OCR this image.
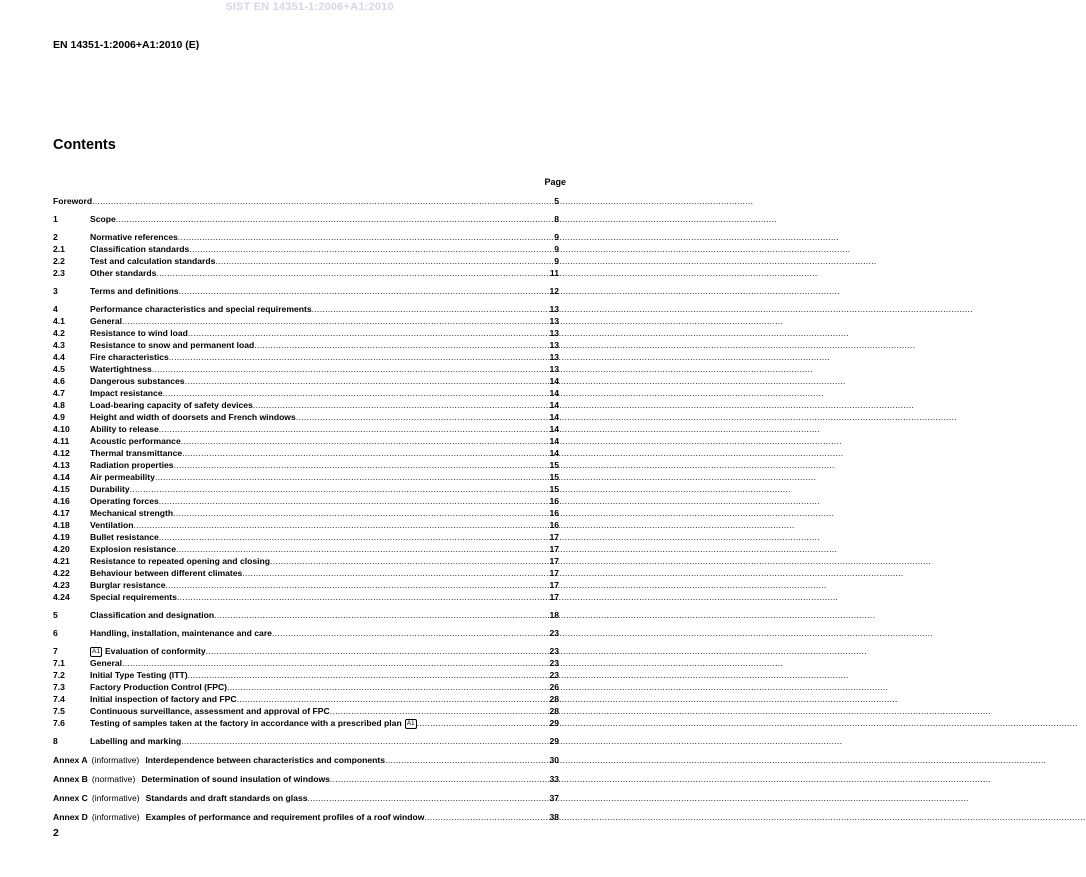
SIST EN 14351-1:2006+A1:2010
EN 14351-1:2006+A1:2010 (E)
Contents
Page
Foreword .....	5
1	Scope .....	8
2	Normative references .....	9
2.1	Classification standards .....	9
2.2	Test and calculation standards .....	9
2.3	Other standards .....	11
3	Terms and definitions .....	12
4	Performance characteristics and special requirements .....	13
4.1	General .....	13
4.2	Resistance to wind load .....	13
4.3	Resistance to snow and permanent load .....	13
4.4	Fire characteristics .....	13
4.5	Watertightness .....	13
4.6	Dangerous substances .....	14
4.7	Impact resistance .....	14
4.8	Load-bearing capacity of safety devices .....	14
4.9	Height and width of doorsets and French windows .....	14
4.10	Ability to release .....	14
4.11	Acoustic performance .....	14
4.12	Thermal transmittance .....	14
4.13	Radiation properties .....	15
4.14	Air permeability .....	15
4.15	Durability .....	15
4.16	Operating forces .....	16
4.17	Mechanical strength .....	16
4.18	Ventilation .....	16
4.19	Bullet resistance .....	17
4.20	Explosion resistance .....	17
4.21	Resistance to repeated opening and closing .....	17
4.22	Behaviour between different climates .....	17
4.23	Burglar resistance .....	17
4.24	Special requirements .....	17
5	Classification and designation .....	18
6	Handling, installation, maintenance and care .....	23
7	A1 Evaluation of conformity .....	23
7.1	General .....	23
7.2	Initial Type Testing (ITT) .....	23
7.3	Factory Production Control (FPC) .....	26
7.4	Initial inspection of factory and FPC .....	28
7.5	Continuous surveillance, assessment and approval of FPC .....	28
7.6	Testing of samples taken at the factory in accordance with a prescribed plan A1 .....	29
8	Labelling and marking .....	29
Annex A (informative) Interdependence between characteristics and components .....	30
Annex B (normative) Determination of sound insulation of windows .....	33
Annex C (informative) Standards and draft standards on glass .....	37
Annex D (informative) Examples of performance and requirement profiles of a roof window .....	38
2
